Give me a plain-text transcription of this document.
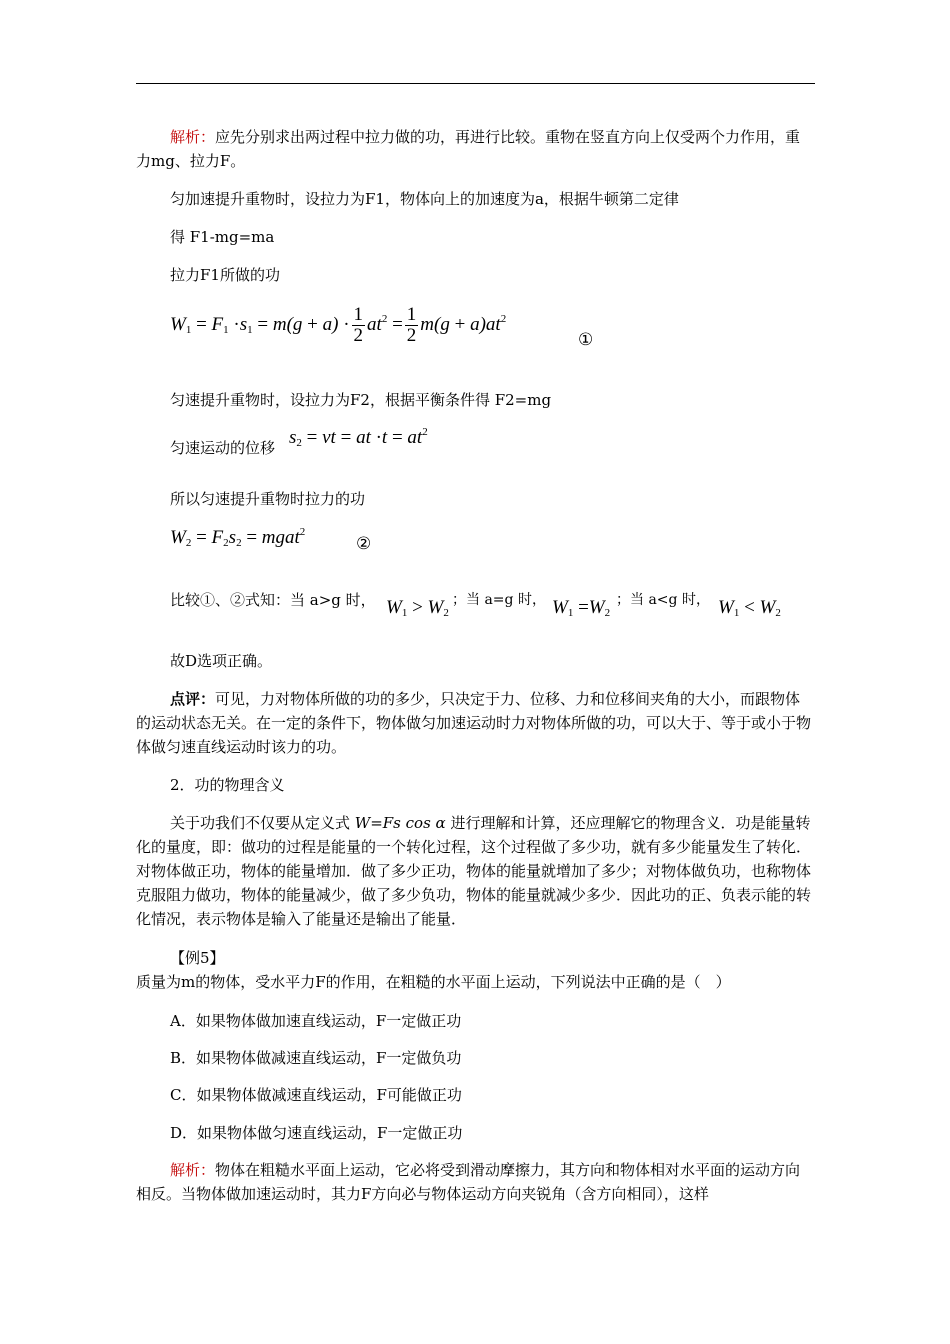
解析：应先分别求出两过程中拉力做的功，再进行比较。重物在竖直方向上仅受两个力作用，重力mg、拉力F。

匀加速提升重物时，设拉力为F1，物体向上的加速度为a，根据牛顿第二定律

得 F1-mg=ma

拉力F1所做的功

$W_1 = F_1 \cdot s_1 = m(g + a) \cdot \frac{1}{2} at^2 = \frac{1}{2} m(g + a)at^2$
①

匀速提升重物时，设拉力为F2，根据平衡条件得 F2=mg

匀速运动的位移 $s_2$ = vt = at $\cdot t = at^2$

所以匀速提升重物时拉力的功

$W_2 = F_2s_2$ = mgat$^2$
②
比较①、②式知：当 a>g 时， $W_1 > W_2$
；当 a=g 时， $W_1 =W_2$
；当 a<g 时， $W_1 < W_2$

故D选项正确。

点评：可见，力对物体所做的功的多少，只决定于力、位移、力和位移间夹角的大小，而跟物体的运动状态无关。在一定的条件下，物体做匀加速运动时力对物体所做的功，可以大于、等于或小于物体做匀速直线运动时该力的功。

2．功的物理含义

关于功我们不仅要从定义式 W=Fs cos α 进行理解和计算，还应理解它的物理含义．功是能量转化的量度，即：做功的过程是能量的一个转化过程，这个过程做了多少功，就有多少能量发生了转化．对物体做正功，物体的能量增加．做了多少正功，物体的能量就增加了多少；对物体做负功，也称物体克服阻力做功，物体的能量减少，做了多少负功，物体的能量就减少多少．因此功的正、负表示能的转化情况，表示物体是输入了能量还是输出了能量．

【例5】质量为m的物体，受水平力F的作用，在粗糙的水平面上运动，下列说法中正确的是（　）

A．如果物体做加速直线运动，F一定做正功

B．如果物体做减速直线运动，F一定做负功

C．如果物体做减速直线运动，F可能做正功

D．如果物体做匀速直线运动，F一定做正功

解析：物体在粗糙水平面上运动，它必将受到滑动摩擦力，其方向和物体相对水平面的运动方向相反。当物体做加速运动时，其力F方向必与物体运动方向夹锐角（含方向相同），这样
